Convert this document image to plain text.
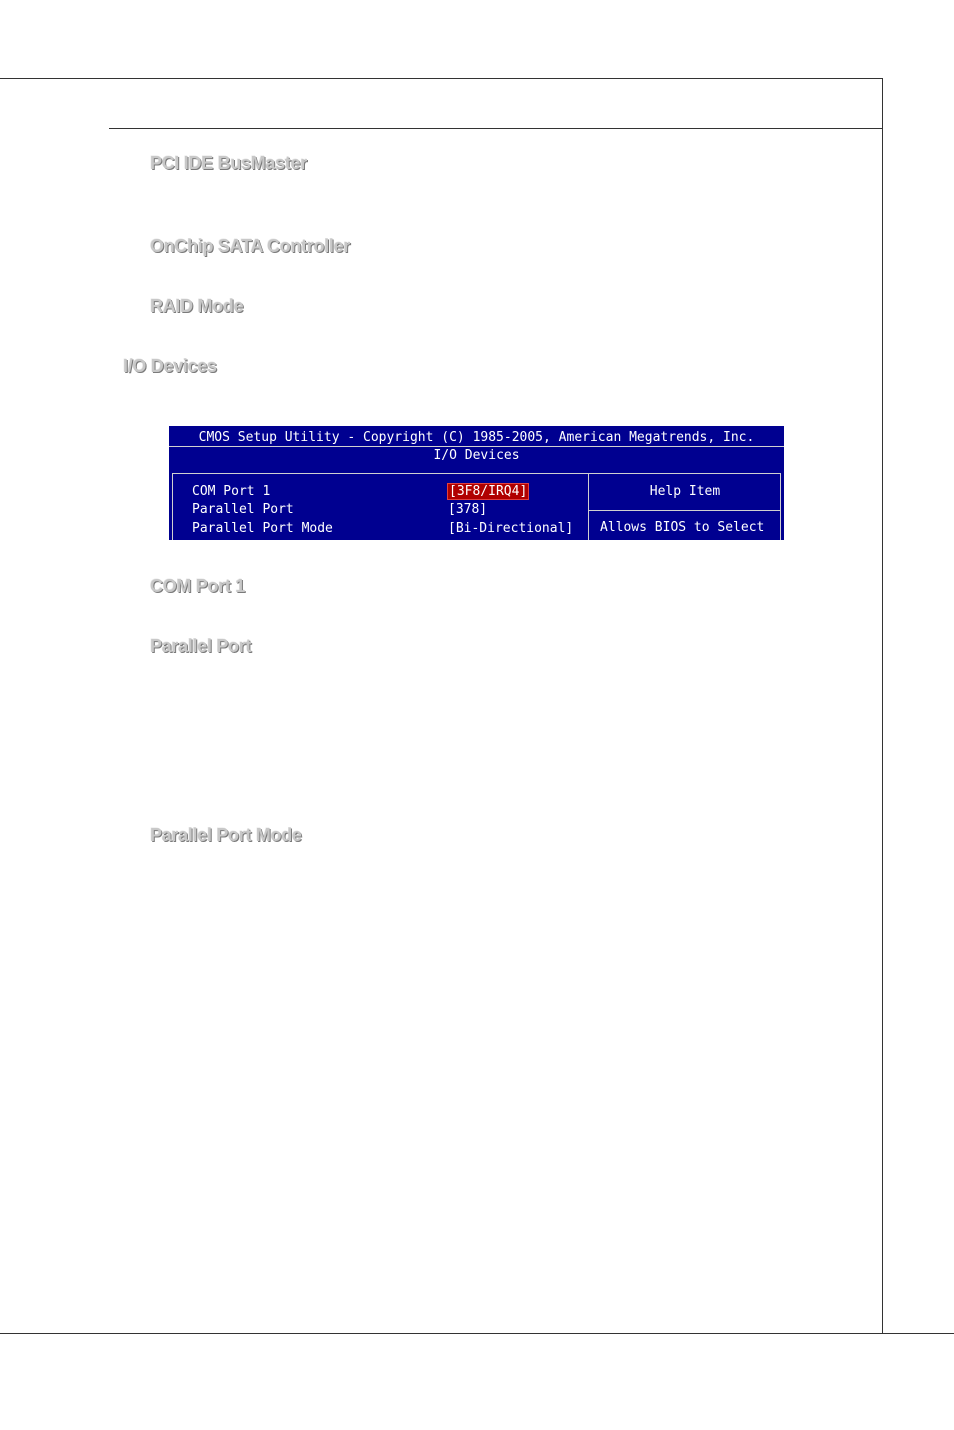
PCI IDE BusMaster
OnChip SATA Controller
RAID Mode
I/O Devices
CMOS Setup Utility - Copyright (C) 1985-2005, American Megatrends, Inc.
I/O Devices
COM Port 1	[3F8/IRQ4]
Parallel Port	[378]
Parallel Port Mode	[Bi-Directional]
Help Item
Allows BIOS to Select
COM Port 1
Parallel Port
Parallel Port Mode
